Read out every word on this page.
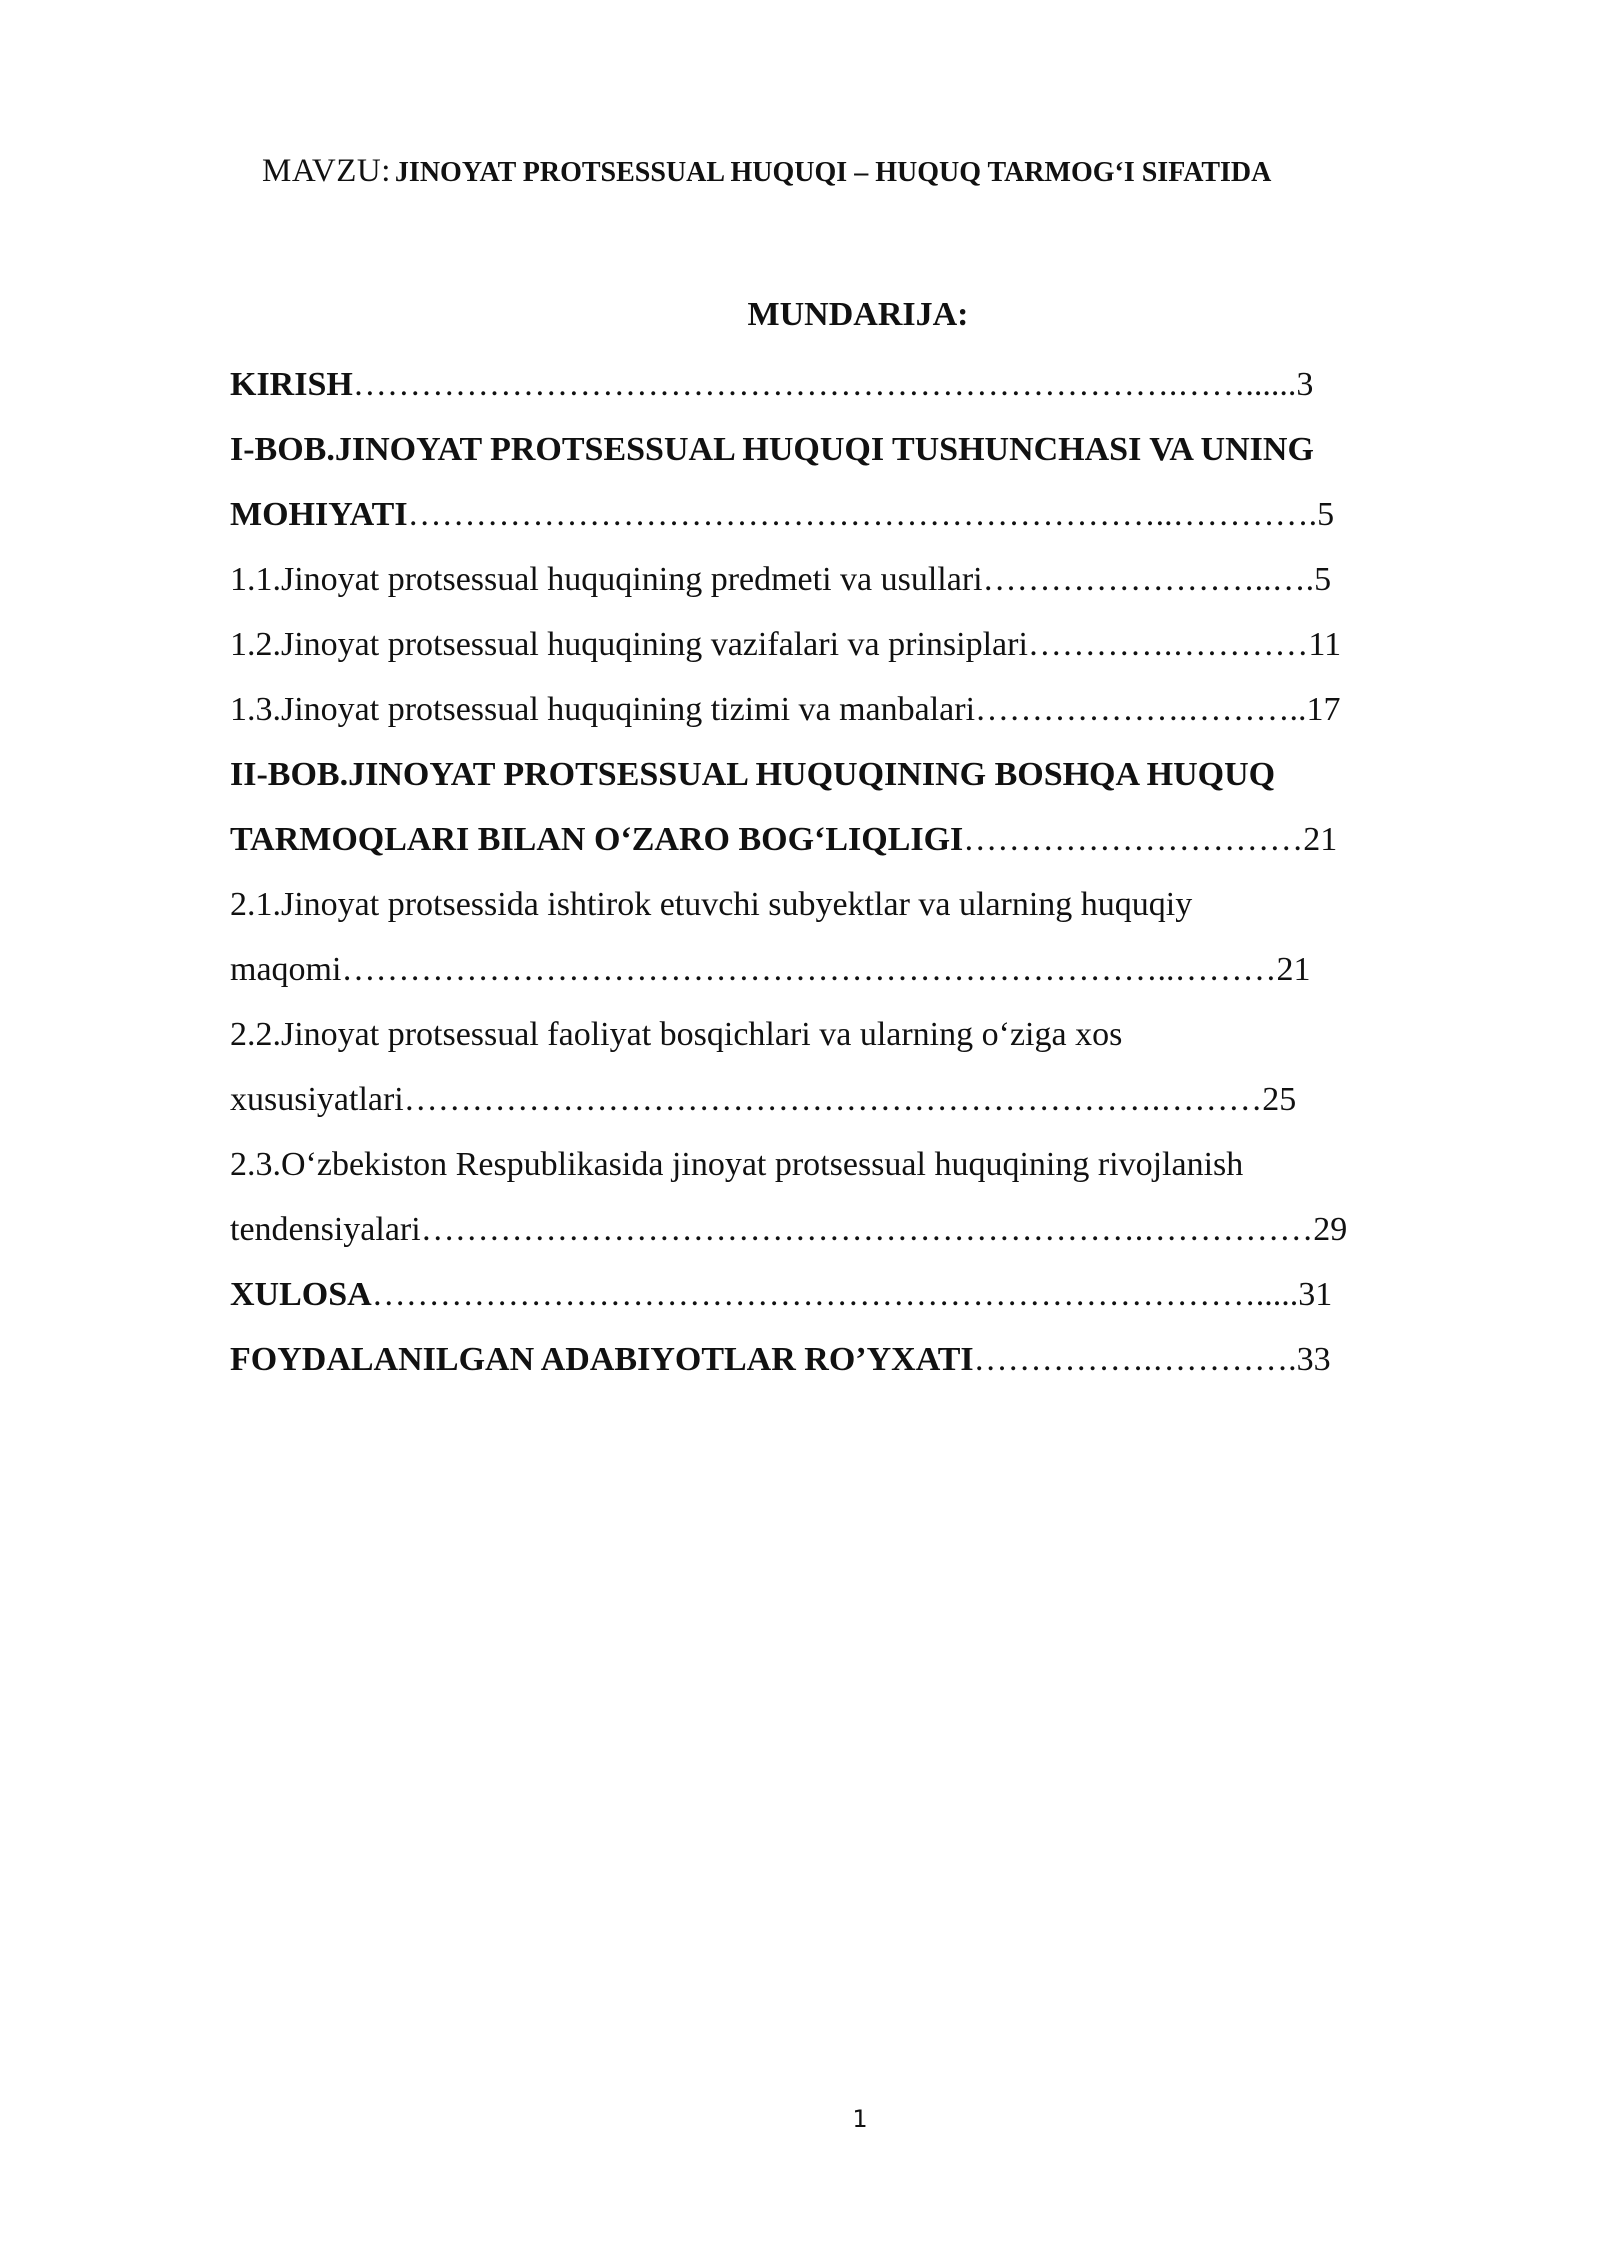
MAVZU: JINOYAT PROTSESSUAL HUQUQI – HUQUQ TARMOG‘I SIFATIDA
MUNDARIJA:
KIRISH……………………………………………………………….……......3
I-BOB.JINOYAT PROTSESSUAL HUQUQI TUSHUNCHASI VA UNING
MOHIYATI…………………………………………………………..………….5
1.1.Jinoyat protsessual huquqining predmeti va usullari……………………..….5
1.2.Jinoyat protsessual huquqining vazifalari va prinsiplari………….…………11
1.3.Jinoyat protsessual huquqining tizimi va manbalari……………….………..17
II-BOB.JINOYAT PROTSESSUAL HUQUQINING BOSHQA HUQUQ
TARMOQLARI BILAN O‘ZARO BOG‘LIQLIGI…………………………21
2.1.Jinoyat protsessida ishtirok etuvchi subyektlar va ularning huquqiy
maqomi………………………………………………………………..………21
2.2.Jinoyat protsessual faoliyat bosqichlari va ularning o‘ziga xos
xususiyatlari………………………………………………………….………25
2.3.O‘zbekiston Respublikasida jinoyat protsessual huquqining rivojlanish
tendensiyalari……………………………………………………….……………29
XULOSA…………………………………………………………………….....31
FOYDALANILGAN ADABIYOTLAR RO’YXATI…………….………….33
1
